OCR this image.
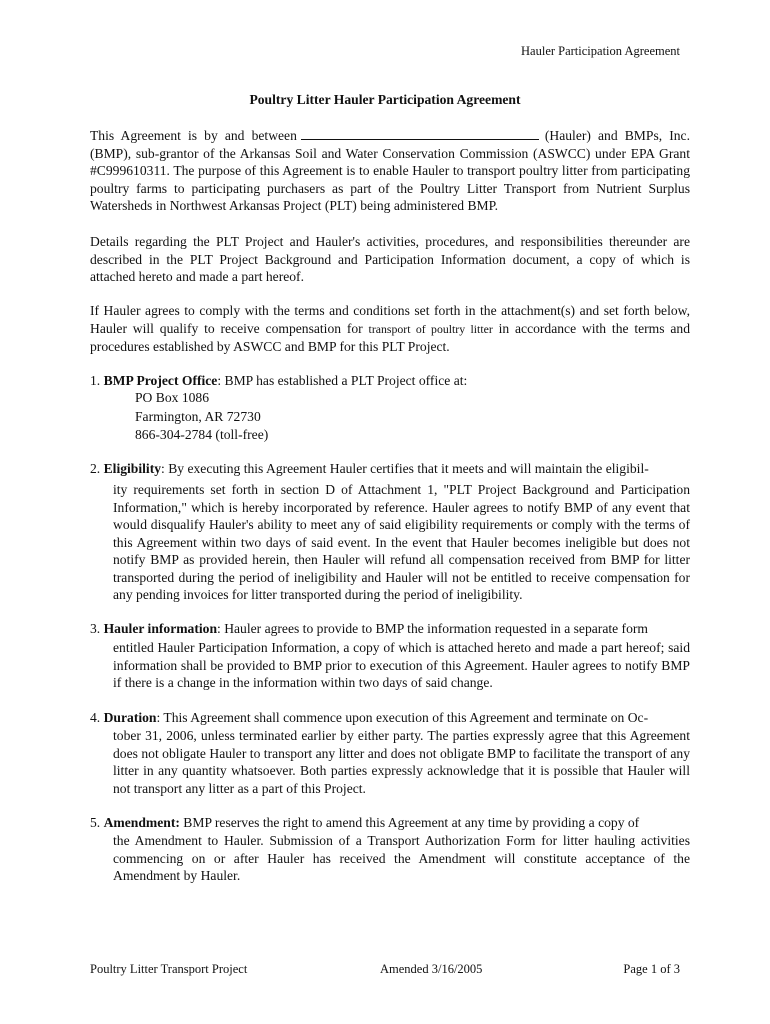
Hauler Participation Agreement
Poultry Litter Hauler Participation Agreement
This Agreement is by and between	(Hauler) and BMPs, Inc. (BMP), sub-grantor of the Arkansas Soil and Water Conservation Commission (ASWCC) under EPA Grant #C999610311. The purpose of this Agreement is to enable Hauler to transport poultry litter from participating poultry farms to participating purchasers as part of the Poultry Litter Transport from Nutrient Surplus Watersheds in Northwest Arkansas Project (PLT) being administered BMP.
Details regarding the PLT Project and Hauler's activities, procedures, and responsibilities thereunder are described in the PLT Project Background and Participation Information document, a copy of which is attached hereto and made a part hereof.
If Hauler agrees to comply with the terms and conditions set forth in the attachment(s) and set forth below, Hauler will qualify to receive compensation for transport of poultry litter in accordance with the terms and procedures established by ASWCC and BMP for this PLT Project.
1. BMP Project Office: BMP has established a PLT Project office at:
PO Box 1086
Farmington, AR 72730
866-304-2784 (toll-free)
2. Eligibility: By executing this Agreement Hauler certifies that it meets and will maintain the eligibil-
ity requirements set forth in section D of Attachment 1, "PLT Project Background and Participation Information," which is hereby incorporated by reference. Hauler agrees to notify BMP of any event that would disqualify Hauler's ability to meet any of said eligibility requirements or comply with the terms of this Agreement within two days of said event. In the event that Hauler becomes ineligible but does not notify BMP as provided herein, then Hauler will refund all compensation received from BMP for litter transported during the period of ineligibility and Hauler will not be entitled to receive compensation for any pending invoices for litter transported during the period of ineligibility.
3. Hauler information: Hauler agrees to provide to BMP the information requested in a separate form
entitled Hauler Participation Information, a copy of which is attached hereto and made a part hereof; said information shall be provided to BMP prior to execution of this Agreement. Hauler agrees to notify BMP if there is a change in the information within two days of said change.
4. Duration: This Agreement shall commence upon execution of this Agreement and terminate on Oc-
tober 31, 2006, unless terminated earlier by either party. The parties expressly agree that this Agreement does not obligate Hauler to transport any litter and does not obligate BMP to facilitate the transport of any litter in any quantity whatsoever. Both parties expressly acknowledge that it is possible that Hauler will not transport any litter as a part of this Project.
5. Amendment: BMP reserves the right to amend this Agreement at any time by providing a copy of
the Amendment to Hauler. Submission of a Transport Authorization Form for litter hauling activities commencing on or after Hauler has received the Amendment will constitute acceptance of the Amendment by Hauler.
Poultry Litter Transport Project	Amended 3/16/2005	Page 1 of 3
